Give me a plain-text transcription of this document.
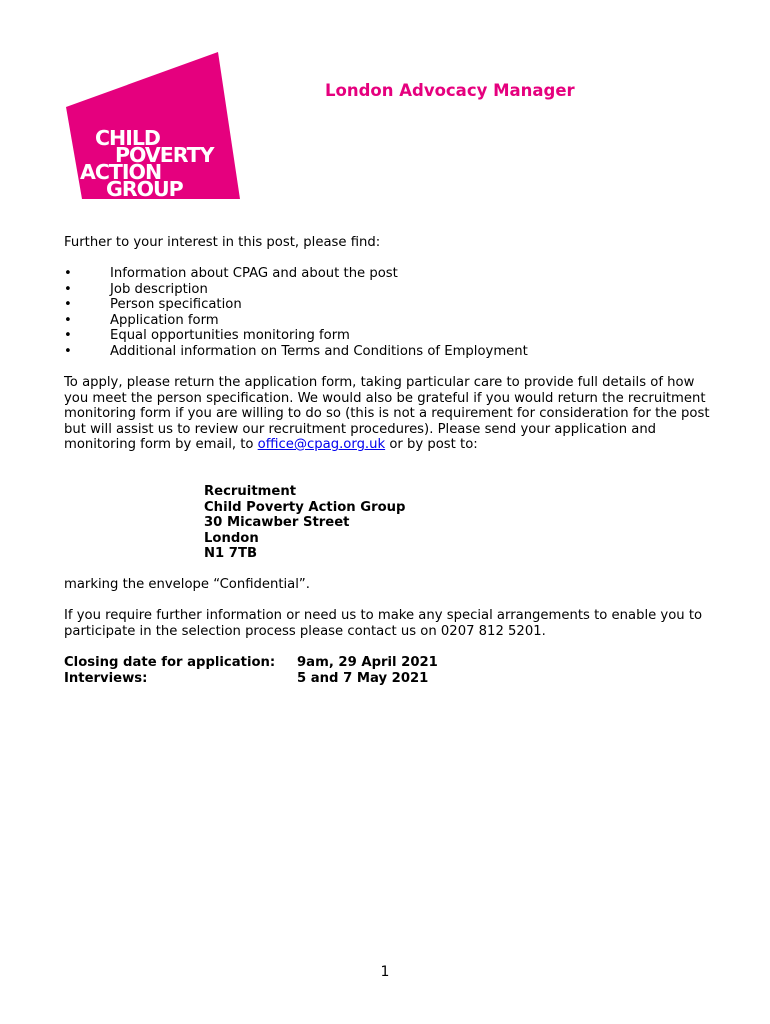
CHILD
POVERTY
ACTION
GROUP
London Advocacy Manager
Further to your interest in this post, please find:
•	Information about CPAG and about the post
•	Job description
•	Person specification
•	Application form
•	Equal opportunities monitoring form
•	Additional information on Terms and Conditions of Employment
To apply, please return the application form, taking particular care to provide full details of how you meet the person specification. We would also be grateful if you would return the recruitment monitoring form if you are willing to do so (this is not a requirement for consideration for the post but will assist us to review our recruitment procedures). Please send your application and monitoring form by email, to office@cpag.org.uk or by post to:
Recruitment
Child Poverty Action Group
30 Micawber Street
London
N1 7TB
marking the envelope “Confidential”.
If you require further information or need us to make any special arrangements to enable you to participate in the selection process please contact us on 0207 812 5201.
Closing date for application: 9am, 29 April 2021
Interviews:	5 and 7 May 2021
1
